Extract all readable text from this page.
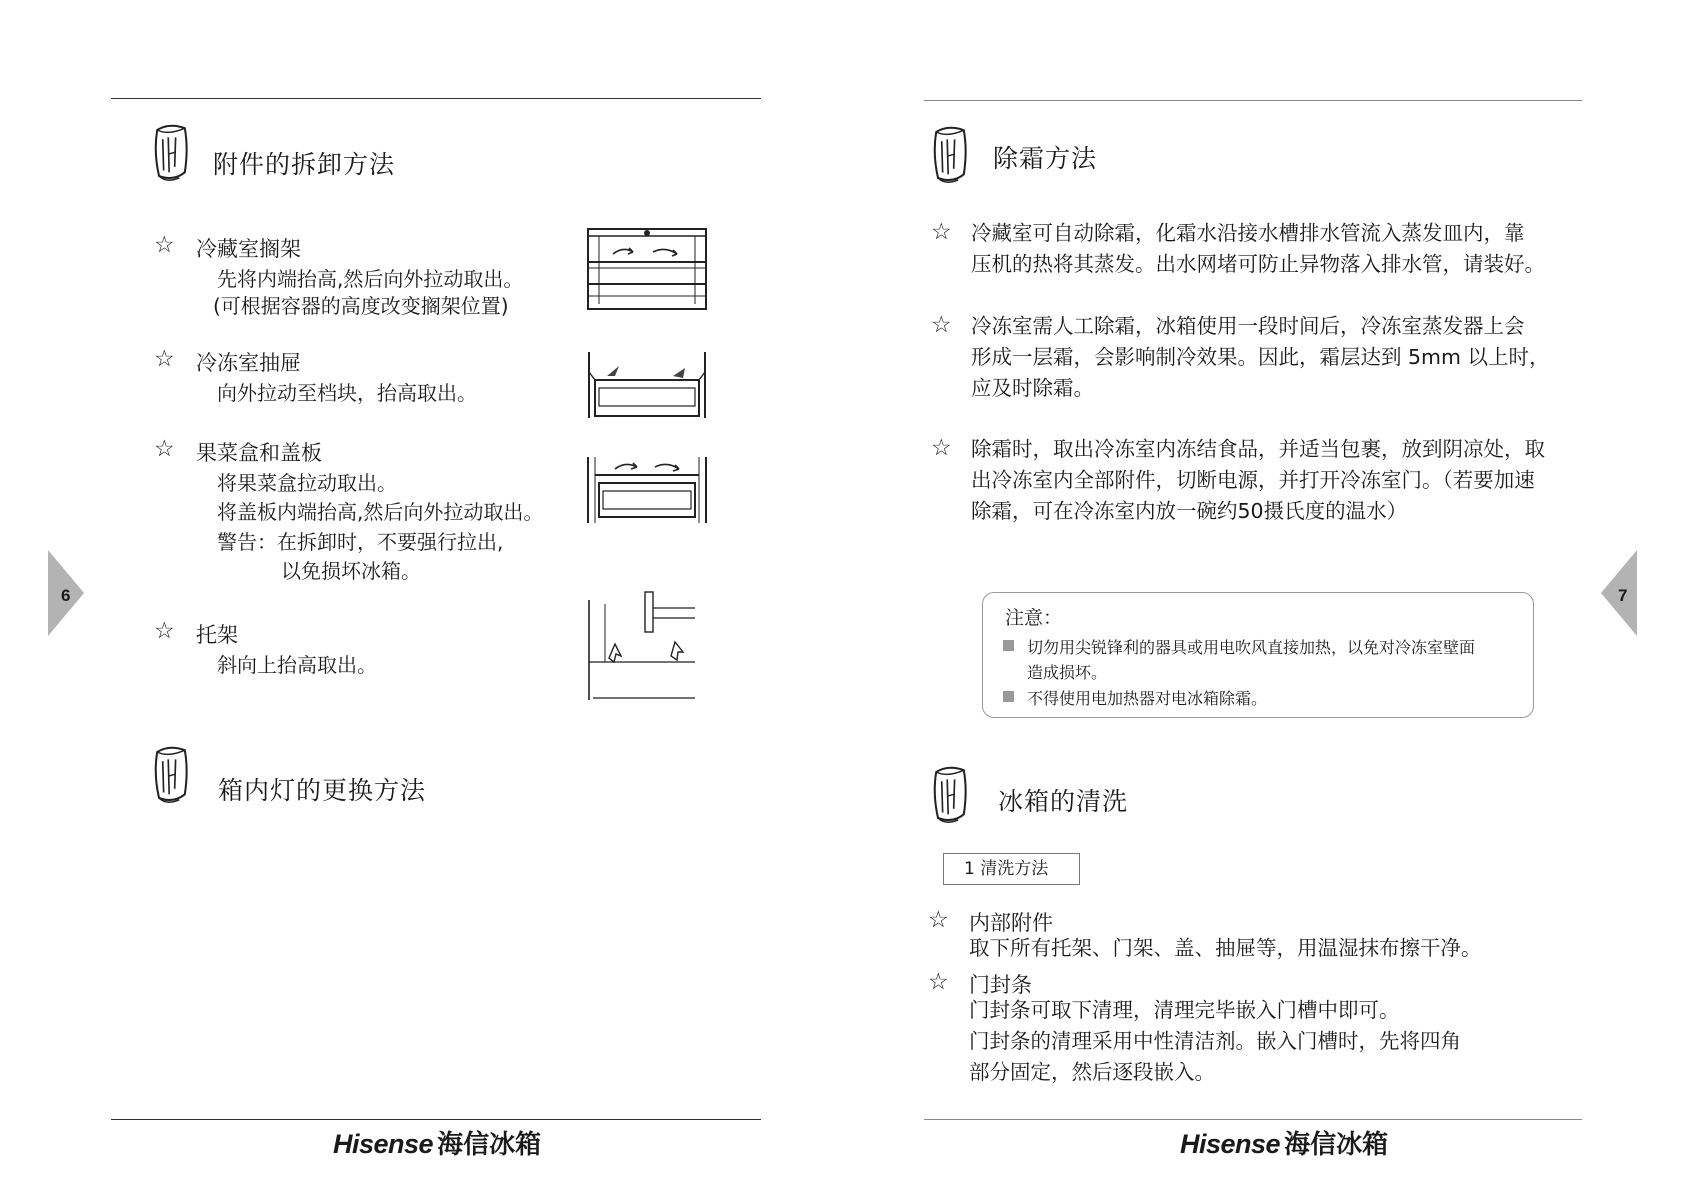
附件的拆卸方法
☆ 冷藏室搁架
先将内端抬高,然后向外拉动取出。
(可根据容器的高度改变搁架位置)
☆ 冷冻室抽屉
向外拉动至档块，抬高取出。
☆ 果菜盒和盖板
将果菜盒拉动取出。
将盖板内端抬高,然后向外拉动取出。
警告：在拆卸时，不要强行拉出,
以免损坏冰箱。
☆ 托架
斜向上抬高取出。
箱内灯的更换方法
6
Hisense 海信冰箱
除霜方法
☆ 冷藏室可自动除霜，化霜水沿接水槽排水管流入蒸发皿内，靠
压机的热将其蒸发。出水网堵可防止异物落入排水管，请装好。
☆ 冷冻室需人工除霜，冰箱使用一段时间后，冷冻室蒸发器上会
形成一层霜，会影响制冷效果。因此，霜层达到 5mm 以上时，
应及时除霜。
☆ 除霜时，取出冷冻室内冻结食品，并适当包裹，放到阴凉处，取
出冷冻室内全部附件，切断电源，并打开冷冻室门。（若要加速
除霜，可在冷冻室内放一碗约50摄氏度的温水）
注意：
切勿用尖锐锋利的器具或用电吹风直接加热，以免对冷冻室壁面
造成损坏。
不得使用电加热器对电冰箱除霜。
冰箱的清洗
1 清洗方法
☆ 内部附件
取下所有托架、门架、盖、抽屉等，用温湿抹布擦干净。
☆ 门封条
门封条可取下清理，清理完毕嵌入门槽中即可。
门封条的清理采用中性清洁剂。嵌入门槽时，先将四角
部分固定，然后逐段嵌入。
7
Hisense 海信冰箱
